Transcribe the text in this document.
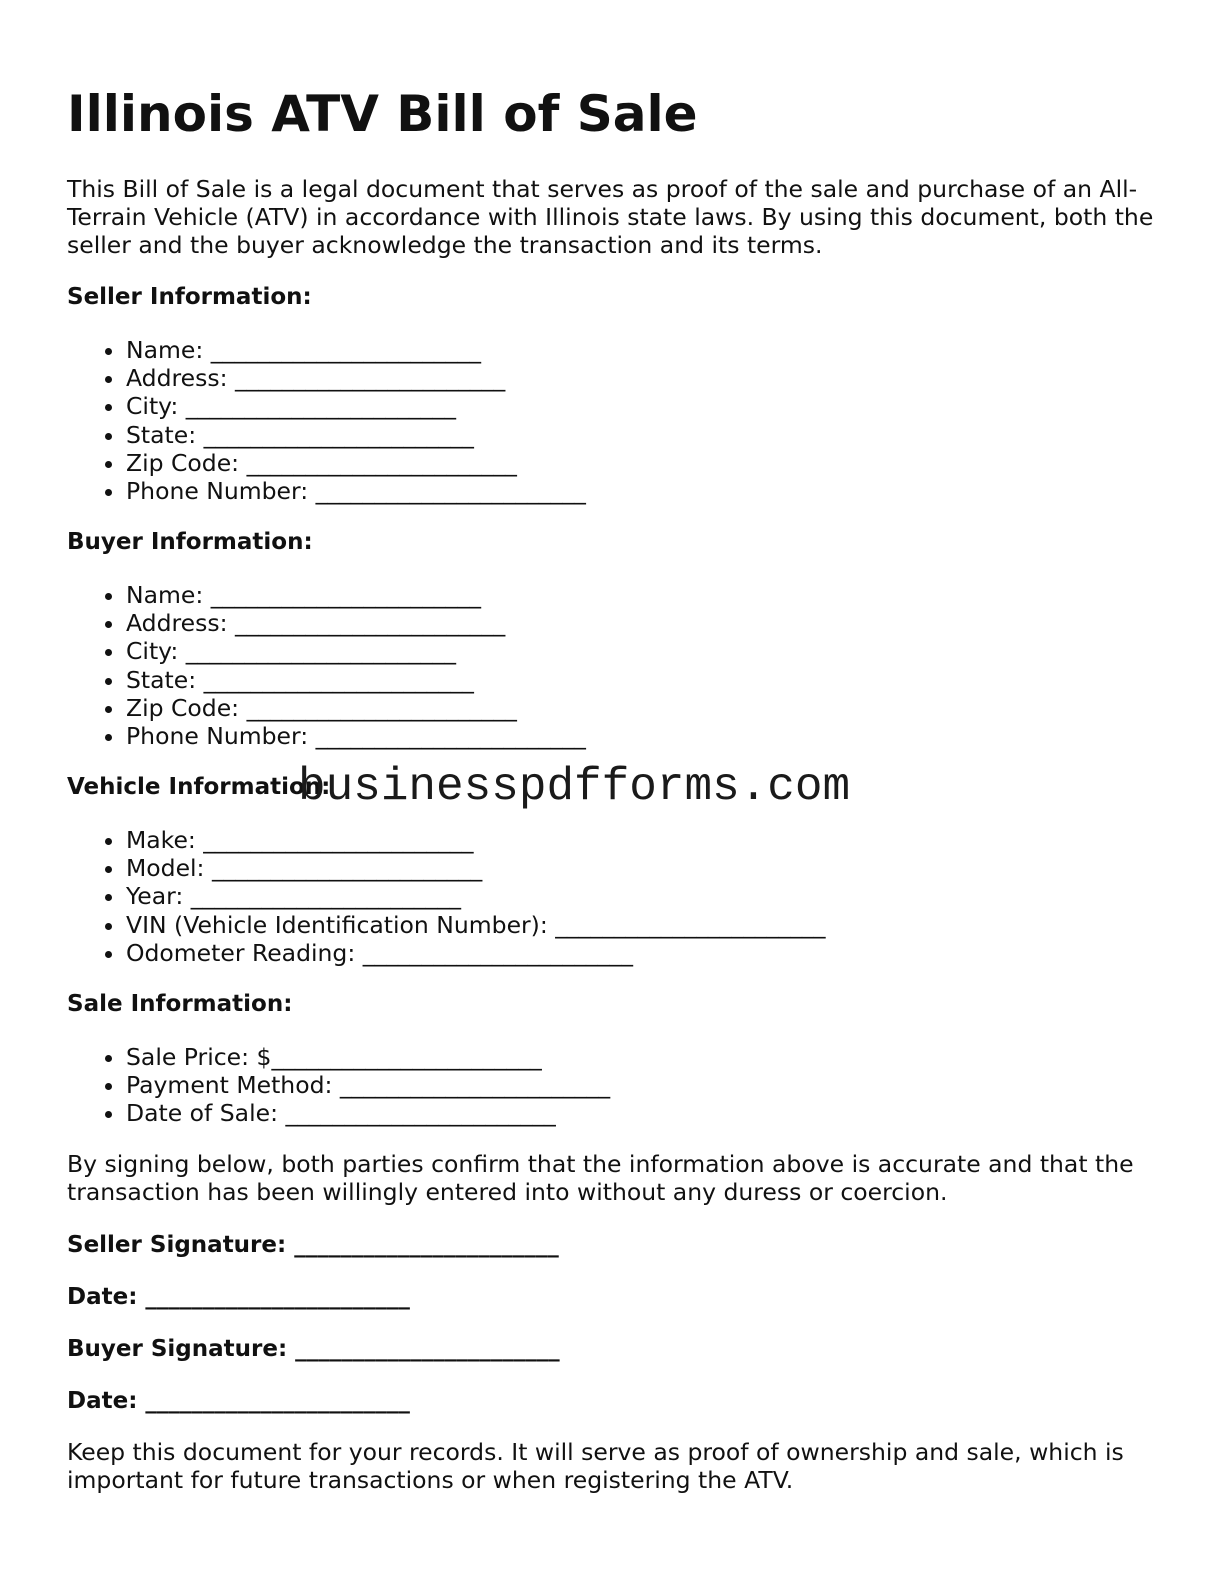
Illinois ATV Bill of Sale

This Bill of Sale is a legal document that serves as proof of the sale and purchase of an All-Terrain Vehicle (ATV) in accordance with Illinois state laws. By using this document, both the seller and the buyer acknowledge the transaction and its terms.

Seller Information:

• Name: _______________________
• Address: _______________________
• City: _______________________
• State: _______________________
• Zip Code: _______________________
• Phone Number: _______________________

Buyer Information:

• Name: _______________________
• Address: _______________________
• City: _______________________
• State: _______________________
• Zip Code: _______________________
• Phone Number: _______________________

Vehicle Information:

• Make: _______________________
• Model: _______________________
• Year: _______________________
• VIN (Vehicle Identification Number): _______________________
• Odometer Reading: _______________________

Sale Information:

• Sale Price: $_______________________
• Payment Method: _______________________
• Date of Sale: _______________________

By signing below, both parties confirm that the information above is accurate and that the transaction has been willingly entered into without any duress or coercion.

Seller Signature: _______________________

Date: _______________________

Buyer Signature: _______________________

Date: _______________________

Keep this document for your records. It will serve as proof of ownership and sale, which is important for future transactions or when registering the ATV.

businesspdfforms.com
